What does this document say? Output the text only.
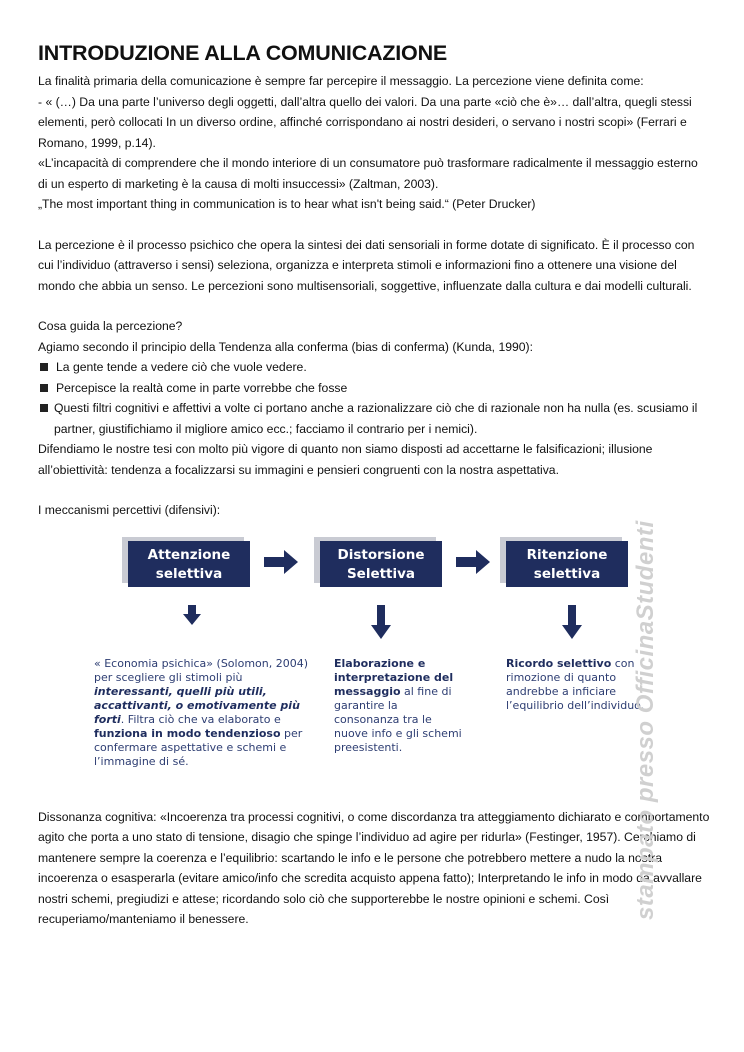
INTRODUZIONE ALLA COMUNICAZIONE

La finalità primaria della comunicazione è sempre far percepire il messaggio. La percezione viene definita come:

- « (…) Da una parte l’universo degli oggetti, dall’altra quello dei valori. Da una parte «ciò che è»… dall’altra, quegli stessi elementi, però collocati In un diverso ordine, affinché corrispondano ai nostri desideri, o servano i nostri scopi» (Ferrari e Romano, 1999, p.14).

«L’incapacità di comprendere che il mondo interiore di un consumatore può trasformare radicalmente il messaggio esterno di un esperto di marketing è la causa di molti insuccessi» (Zaltman, 2003).

„The most important thing in communication is to hear what isn't being said.“ (Peter Drucker)

La percezione è il processo psichico che opera la sintesi dei dati sensoriali in forme dotate di significato. È il processo con cui l’individuo (attraverso i sensi) seleziona, organizza e interpreta stimoli e informazioni fino a ottenere una visione del mondo che abbia un senso. Le percezioni sono multisensoriali, soggettive, influenzate dalla cultura e dai modelli culturali.

Cosa guida la percezione?

Agiamo secondo il principio della Tendenza alla conferma (bias di conferma) (Kunda, 1990):

La gente tende a vedere ciò che vuole vedere.
Percepisce la realtà come in parte vorrebbe che fosse
Questi filtri cognitivi e affettivi a volte ci portano anche a razionalizzare ciò che di razionale non ha nulla (es. scusiamo il partner, giustifichiamo il migliore amico ecc.; facciamo il contrario per i nemici).

Difendiamo le nostre tesi con molto più vigore di quanto non siamo disposti ad accettarne le falsificazioni; illusione all’obiettività: tendenza a focalizzarsi su immagini e pensieri congruenti con la nostra aspettativa.

I meccanismi percettivi (difensivi):

Attenzione
selettiva
Distorsione
Selettiva
Ritenzione
selettiva
« Economia psichica» (Solomon, 2004) per scegliere gli stimoli più interessanti, quelli più utili, accattivanti, o emotivamente più forti. Filtra ciò che va elaborato e funziona in modo tendenzioso per confermare aspettative e schemi e l’immagine di sé.
Elaborazione e interpretazione del messaggio al fine di garantire la consonanza tra le nuove info e gli schemi preesistenti.
Ricordo selettivo con rimozione di quanto andrebbe a inficiare l’equilibrio dell’individuo.

Dissonanza cognitiva: «Incoerenza tra processi cognitivi, o come discordanza tra atteggiamento dichiarato e comportamento agito che porta a uno stato di tensione, disagio che spinge l’individuo ad agire per ridurla» (Festinger, 1957). Cerchiamo di mantenere sempre la coerenza e l’equilibrio: scartando le info e le persone che potrebbero mettere a nudo la nostra incoerenza o esasperarla (evitare amico/info che scredita acquisto appena fatto); Interpretando le info in modo da avvallare nostri schemi, pregiudizi e attese; ricordando solo ciò che supporterebbe le nostre opinioni e schemi. Così recuperiamo/manteniamo il benessere.	stampato presso OfficinaStudenti
